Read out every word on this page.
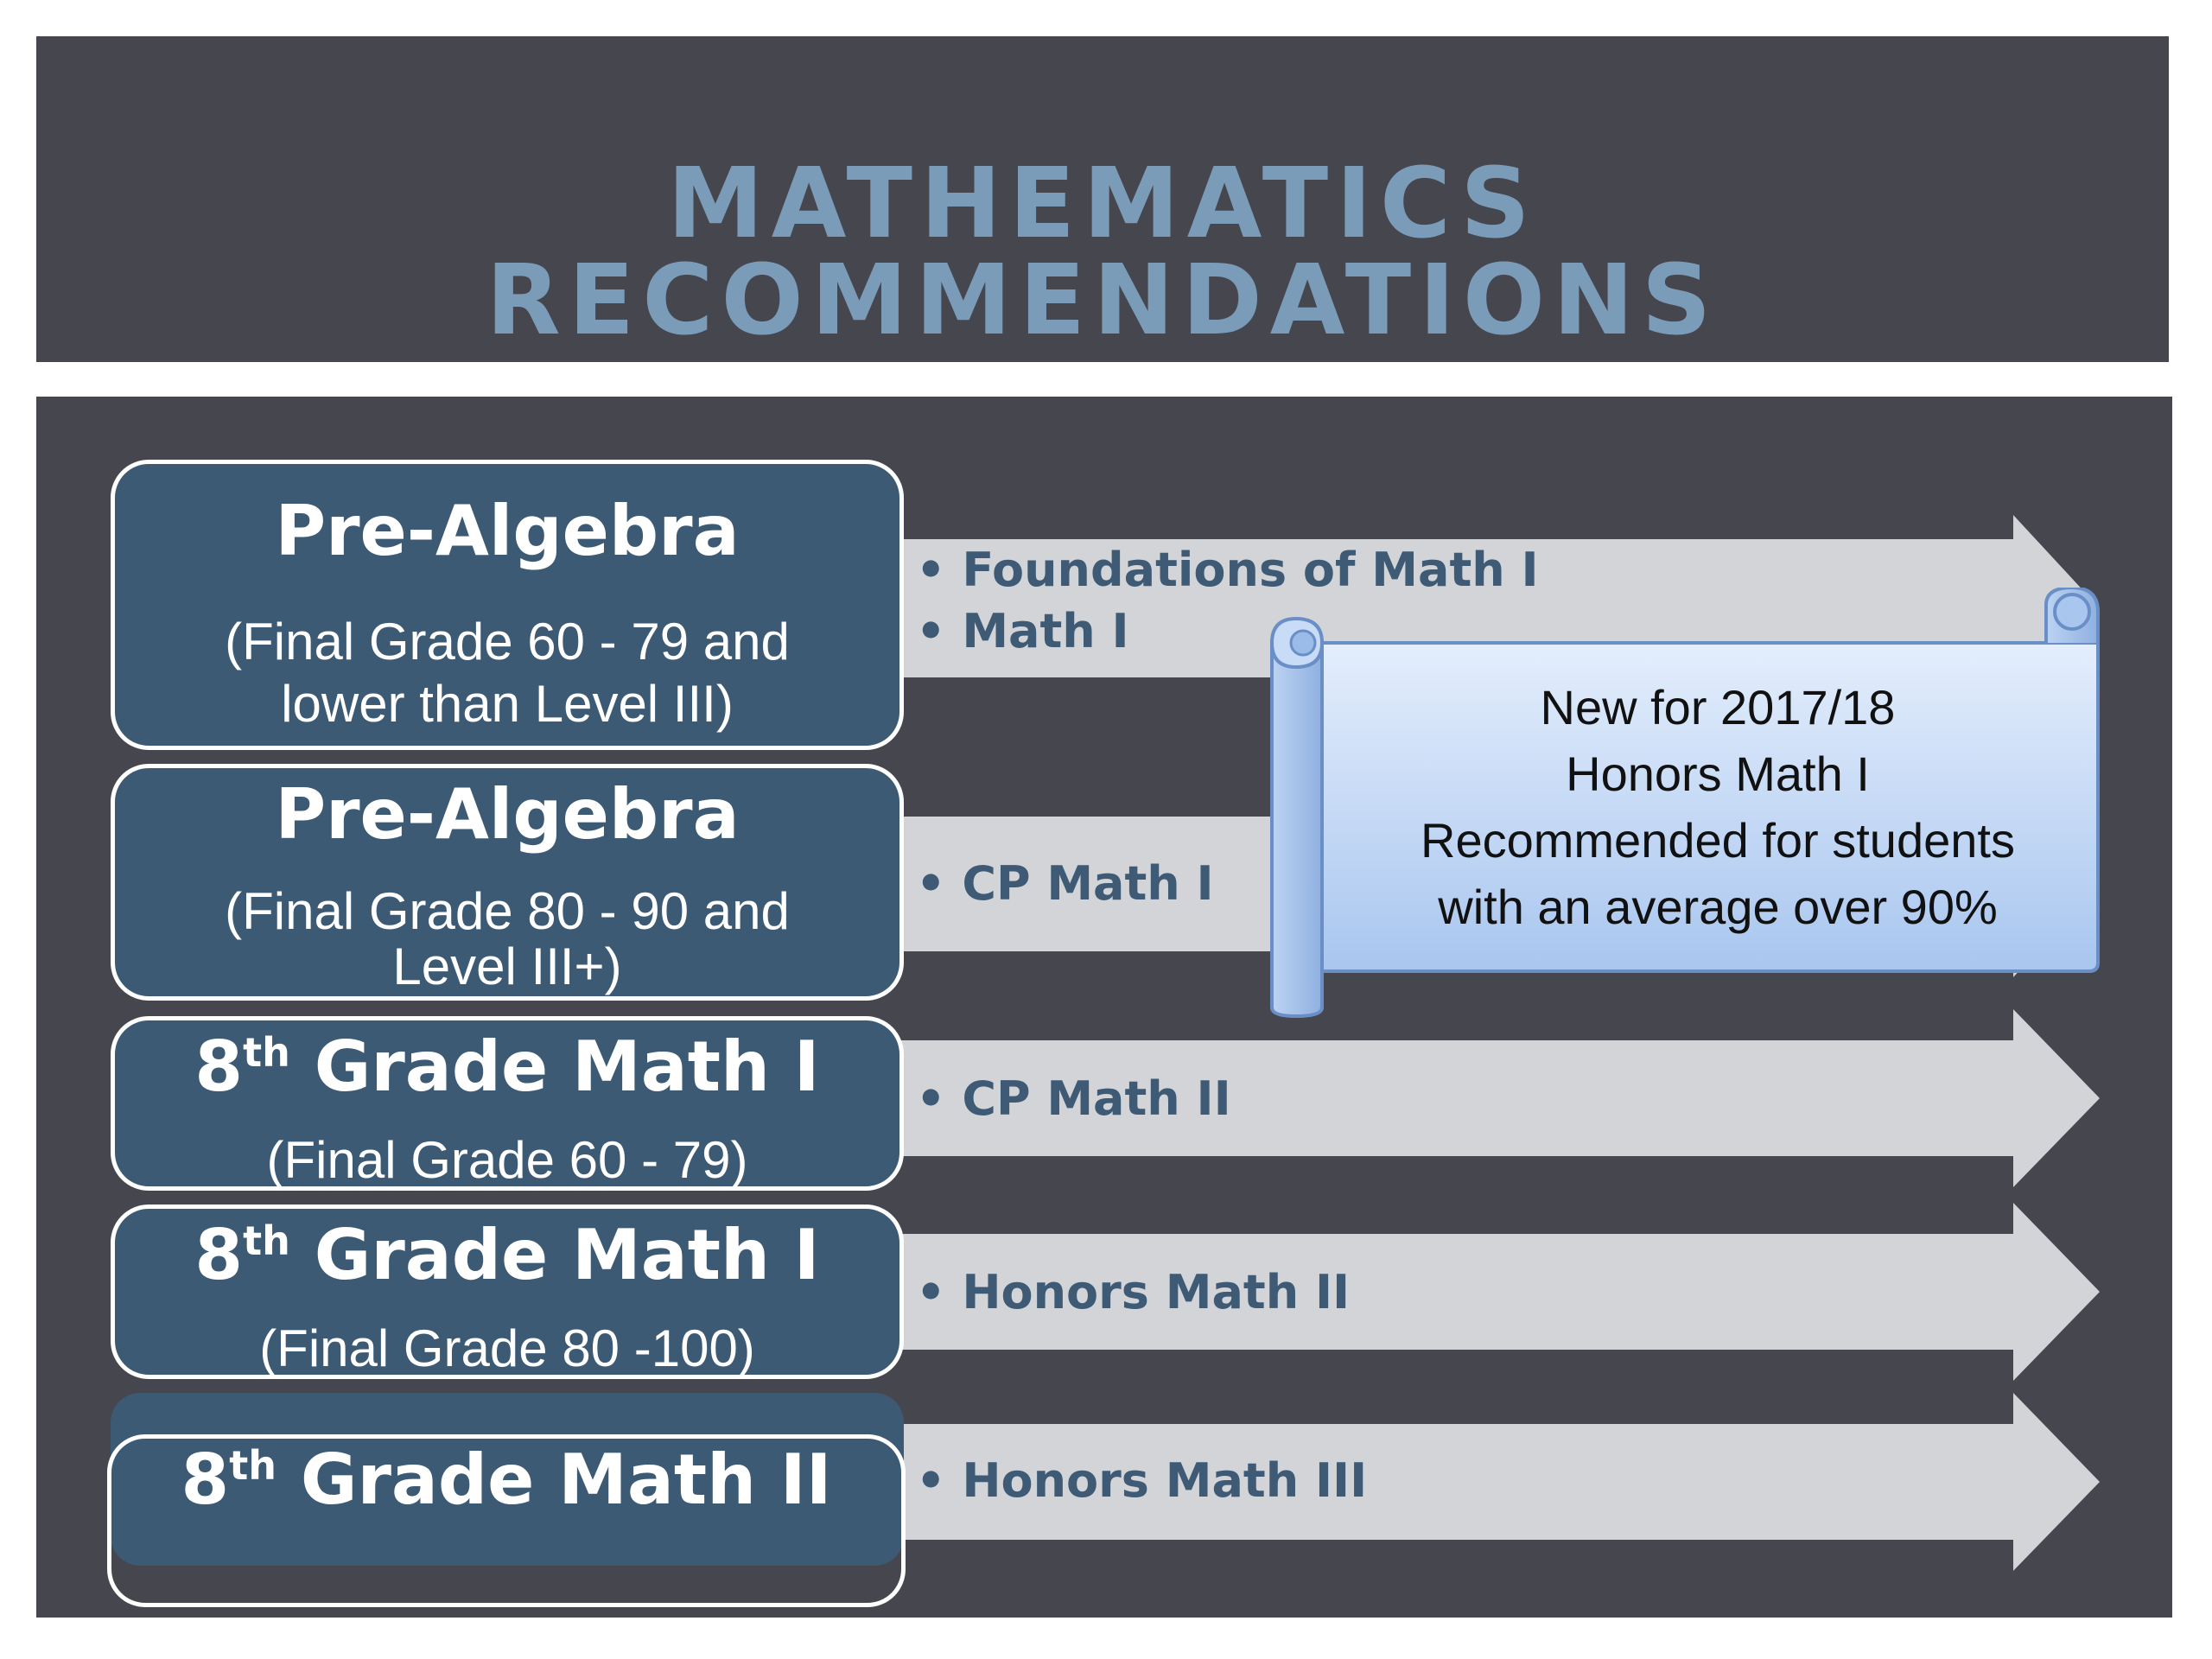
MATHEMATICS RECOMMENDATIONS
• Foundations of Math I
• Math I
• CP Math I
• CP Math II
• Honors Math II
• Honors Math III
Pre-Algebra
(Final Grade 60 - 79 and lower than Level III)
Pre-Algebra
(Final Grade 80 - 90 and Level III+)
8th Grade Math I
(Final Grade 60 - 79)
8th Grade Math I
(Final Grade 80 -100)
8th Grade Math II
New for 2017/18
Honors Math I
Recommended for students
with an average over 90%
